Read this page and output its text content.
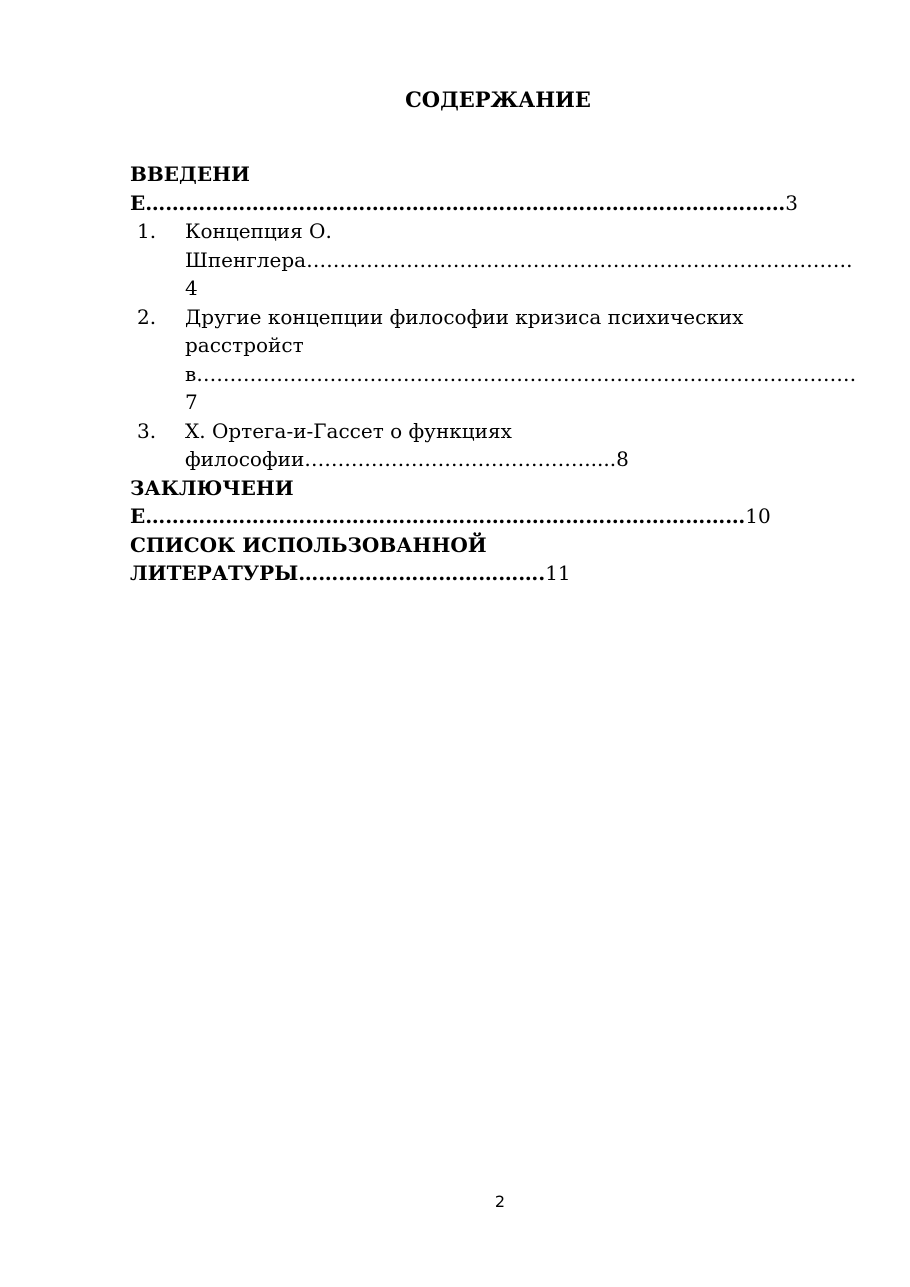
СОДЕРЖАНИЕ

ВВЕДЕНИЕ……………………………………………………………………………………3

1.	Концепция О.
Шпенглера……………………………………………………………………….4
2.	Другие концепции философии кризиса психических
расстройств………………………………………………………………………………………7
3.	Х. Ортега-и-Гассет о функциях
философии…………………………………….....8

ЗАКЛЮЧЕНИЕ………………………………………………………………………………10

СПИСОК ИСПОЛЬЗОВАННОЙ
ЛИТЕРАТУРЫ……………………………….11

2
